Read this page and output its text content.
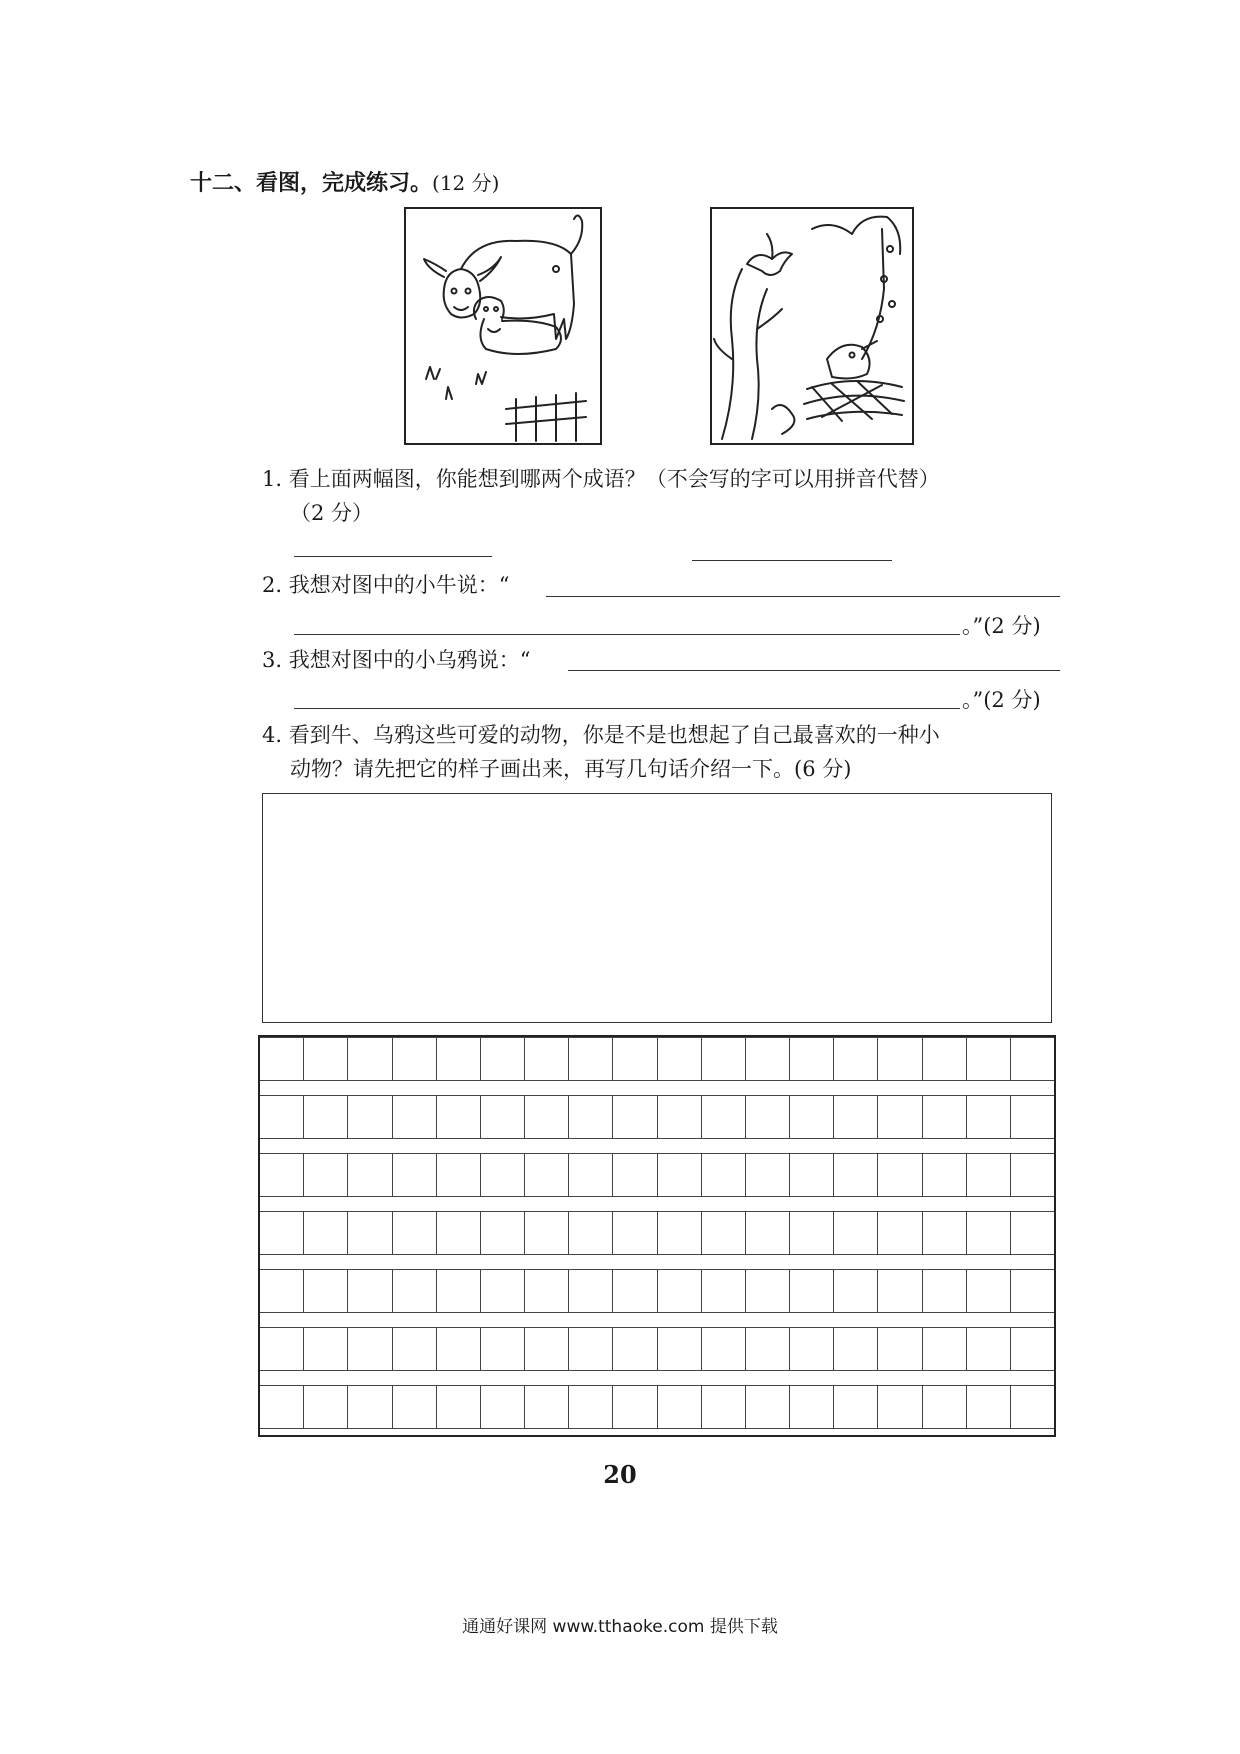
十二、看图，完成练习。(12 分)
1. 看上面两幅图，你能想到哪两个成语？（不会写的字可以用拼音代替）
（2 分）
2. 我想对图中的小牛说：“
。”(2 分)
3. 我想对图中的小乌鸦说：“
。”(2 分)
4. 看到牛、乌鸦这些可爱的动物，你是不是也想起了自己最喜欢的一种小
动物？请先把它的样子画出来，再写几句话介绍一下。(6 分)
20
通通好课网 www.tthaoke.com 提供下载
